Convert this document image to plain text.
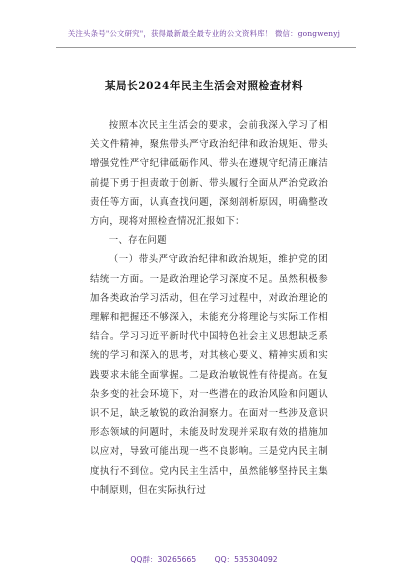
关注头条号"公文研究"，获得最新最全最专业的公文资料库！ 微信：gongwenyj
某局长2024年民主生活会对照检查材料

按照本次民主生活会的要求，会前我深入学习了相关文件精神，聚焦带头严守政治纪律和政治规矩、带头增强党性严守纪律砥砺作风、带头在遵规守纪清正廉洁前提下勇于担责敢于创新、带头履行全面从严治党政治责任等方面，认真查找问题，深刻剖析原因，明确整改方向，现将对照检查情况汇报如下：

一、存在问题

（一）带头严守政治纪律和政治规矩，维护党的团结统一方面。一是政治理论学习深度不足。虽然积极参加各类政治学习活动，但在学习过程中，对政治理论的理解和把握还不够深入，未能充分将理论与实际工作相结合。学习习近平新时代中国特色社会主义思想缺乏系统的学习和深入的思考，对其核心要义、精神实质和实践要求未能全面掌握。二是政治敏锐性有待提高。在复杂多变的社会环境下，对一些潜在的政治风险和问题认识不足，缺乏敏锐的政治洞察力。在面对一些涉及意识形态领域的问题时，未能及时发现并采取有效的措施加以应对，导致可能出现一些不良影响。三是党内民主制度执行不到位。党内民主生活中，虽然能够坚持民主集中制原则，但在实际执行过

QQ群：30265665 QQ：535304092
